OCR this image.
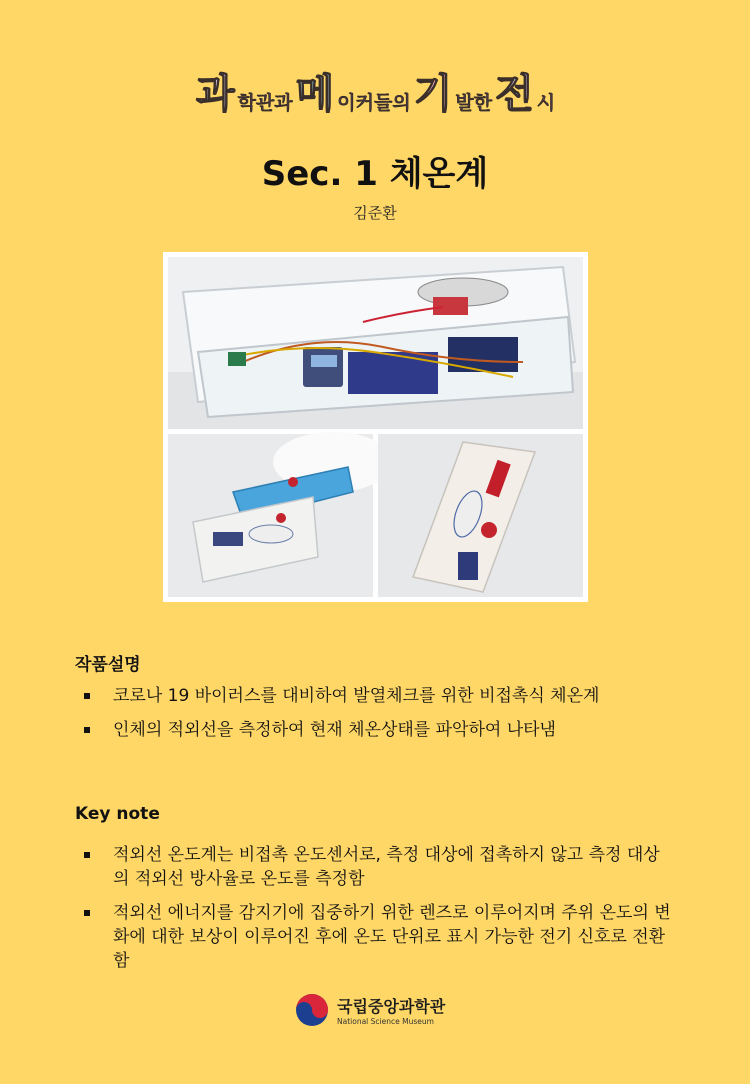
과 학관과 메 이커들의 기 발한 전 시
Sec. 1 체온계
김준환
작품설명
코로나 19 바이러스를 대비하여 발열체크를 위한 비접촉식 체온계
인체의 적외선을 측정하여 현재 체온상태를 파악하여 나타냄
Key note
적외선 온도계는 비접촉 온도센서로, 측정 대상에 접촉하지 않고 측정 대상의 적외선 방사율로 온도를 측정함
적외선 에너지를 감지기에 집중하기 위한 렌즈로 이루어지며 주위 온도의 변화에 대한 보상이 이루어진 후에 온도 단위로 표시 가능한 전기 신호로 전환함
국립중앙과학관
National Science Museum
